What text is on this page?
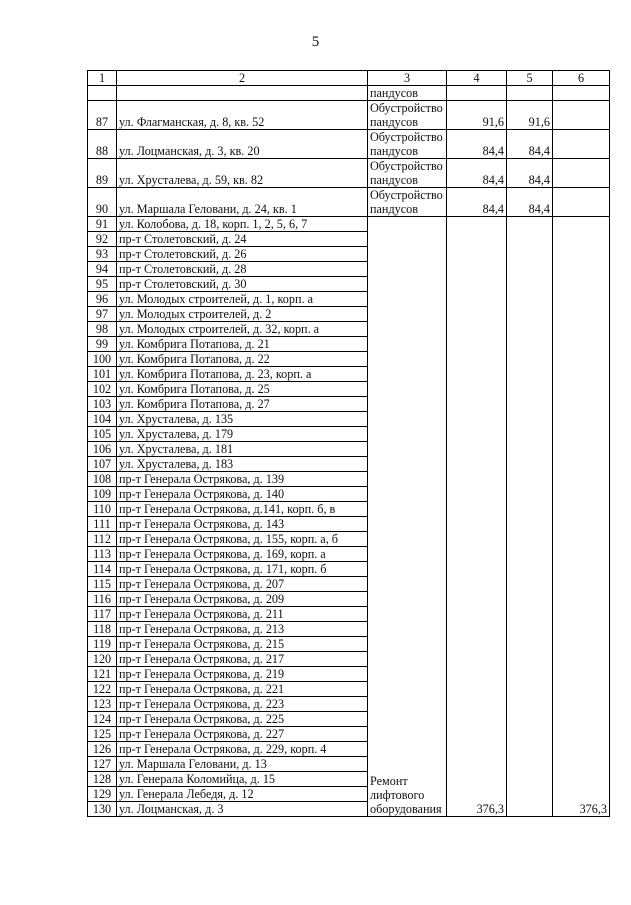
5
1	2	3	4	5	6
		пандусов			
87	ул. Флагманская, д. 8, кв. 52	Обустройство пандусов	91,6	91,6	
88	ул. Лоцманская, д. 3, кв. 20	Обустройство пандусов	84,4	84,4	
89	ул. Хрусталева, д. 59, кв. 82	Обустройство пандусов	84,4	84,4	
90	ул. Маршала Геловани, д. 24, кв. 1	Обустройство пандусов	84,4	84,4	
91	ул. Колобова, д. 18, корп. 1, 2, 5, 6, 7	Ремонт лифтового оборудования	376,3		376,3
92	пр-т Столетовский, д. 24				
93	пр-т Столетовский, д. 26				
94	пр-т Столетовский, д. 28				
95	пр-т Столетовский, д. 30				
96	ул. Молодых строителей, д. 1, корп. а				
97	ул. Молодых строителей, д. 2				
98	ул. Молодых строителей, д. 32, корп. а				
99	ул. Комбрига Потапова, д. 21				
100	ул. Комбрига Потапова, д. 22				
101	ул. Комбрига Потапова, д. 23, корп. а				
102	ул. Комбрига Потапова, д. 25				
103	ул. Комбрига Потапова, д. 27				
104	ул. Хрусталева, д. 135				
105	ул. Хрусталева, д. 179				
106	ул. Хрусталева, д. 181				
107	ул. Хрусталева, д. 183				
108	пр-т Генерала Острякова, д. 139				
109	пр-т Генерала Острякова, д. 140				
110	пр-т Генерала Острякова, д.141, корп. б, в				
111	пр-т Генерала Острякова, д. 143				
112	пр-т Генерала Острякова, д. 155, корп. а, б				
113	пр-т Генерала Острякова, д. 169, корп. а				
114	пр-т Генерала Острякова, д. 171, корп. б				
115	пр-т Генерала Острякова, д. 207				
116	пр-т Генерала Острякова, д. 209				
117	пр-т Генерала Острякова, д. 211				
118	пр-т Генерала Острякова, д. 213				
119	пр-т Генерала Острякова, д. 215				
120	пр-т Генерала Острякова, д. 217				
121	пр-т Генерала Острякова, д. 219				
122	пр-т Генерала Острякова, д. 221				
123	пр-т Генерала Острякова, д. 223				
124	пр-т Генерала Острякова, д. 225				
125	пр-т Генерала Острякова, д. 227				
126	пр-т Генерала Острякова, д. 229, корп. 4				
127	ул. Маршала Геловани, д. 13				
128	ул. Генерала Коломийца, д. 15				
129	ул. Генерала Лебедя, д. 12				
130	ул. Лоцманская, д. 3				
